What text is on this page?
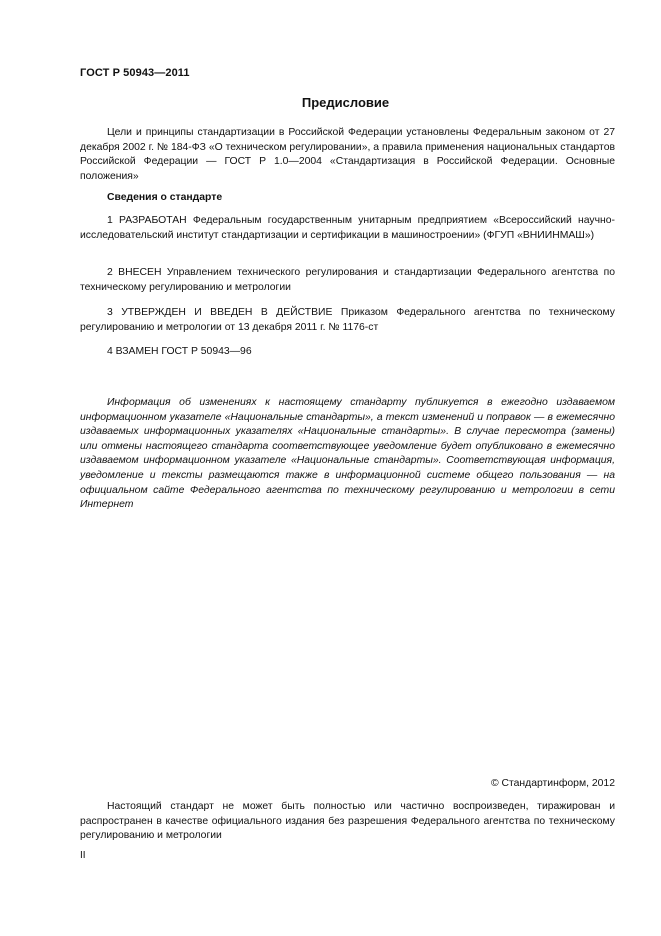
ГОСТ Р 50943—2011
Предисловие

Цели и принципы стандартизации в Российской Федерации установлены Федеральным законом от 27 декабря 2002 г. № 184-ФЗ «О техническом регулировании», а правила применения национальных стандартов Российской Федерации — ГОСТ Р 1.0—2004 «Стандартизация в Российской Федерации. Основные положения»

Сведения о стандарте

1 РАЗРАБОТАН Федеральным государственным унитарным предприятием «Всероссийский научно-исследовательский институт стандартизации и сертификации в машиностроении» (ФГУП «ВНИИНМАШ»)

2 ВНЕСЕН Управлением технического регулирования и стандартизации Федерального агентства по техническому регулированию и метрологии

3 УТВЕРЖДЕН И ВВЕДЕН В ДЕЙСТВИЕ Приказом Федерального агентства по техническому регулированию и метрологии от 13 декабря 2011 г. № 1176-ст

4 ВЗАМЕН ГОСТ Р 50943—96

Информация об изменениях к настоящему стандарту публикуется в ежегодно издаваемом информационном указателе «Национальные стандарты», а текст изменений и поправок — в ежемесячно издаваемых информационных указателях «Национальные стандарты». В случае пересмотра (замены) или отмены настоящего стандарта соответствующее уведомление будет опубликовано в ежемесячно издаваемом информационном указателе «Национальные стандарты». Соответствующая информация, уведомление и тексты размещаются также в информационной системе общего пользования — на официальном сайте Федерального агентства по техническому регулированию и метрологии в сети Интернет

© Стандартинформ, 2012

Настоящий стандарт не может быть полностью или частично воспроизведен, тиражирован и распространен в качестве официального издания без разрешения Федерального агентства по техническому регулированию и метрологии

II
